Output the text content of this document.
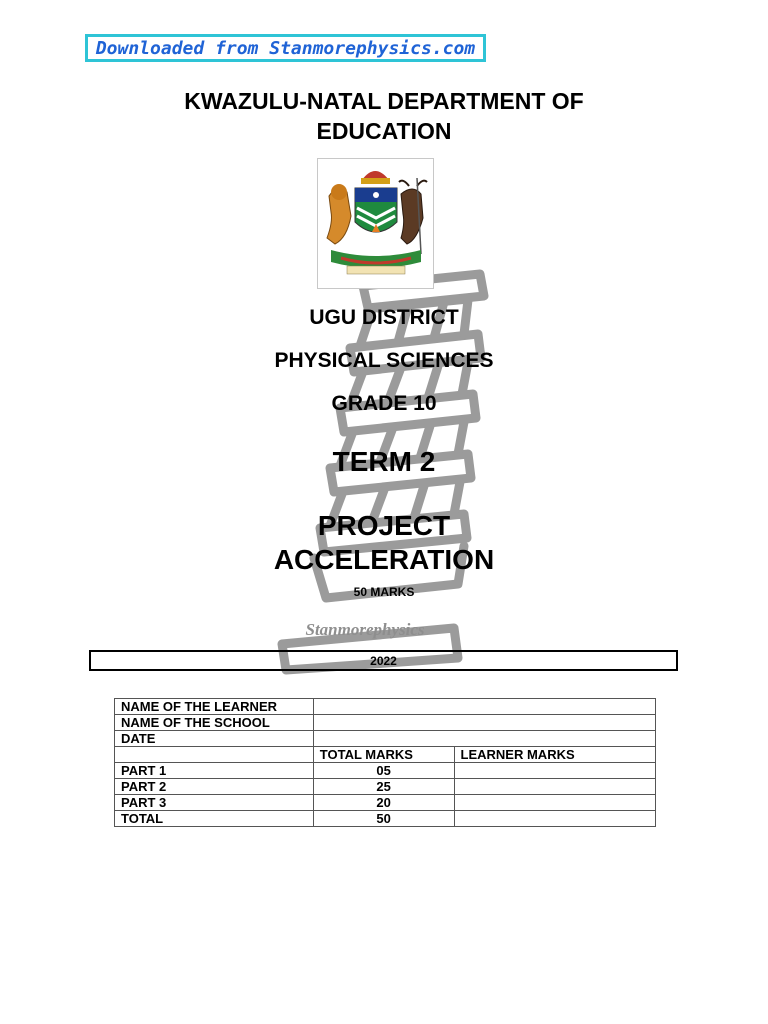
Downloaded from Stanmorephysics.com
Stanmorephysics
KWAZULU-NATAL DEPARTMENT OF
EDUCATION
UGU DISTRICT
PHYSICAL SCIENCES
GRADE 10
TERM 2
PROJECT
ACCELERATION
50 MARKS
2022
NAME OF THE LEARNER		
NAME OF THE SCHOOL		
DATE		
	TOTAL MARKS	LEARNER MARKS
PART 1	05	
PART 2	25	
PART 3	20	
TOTAL	50	
